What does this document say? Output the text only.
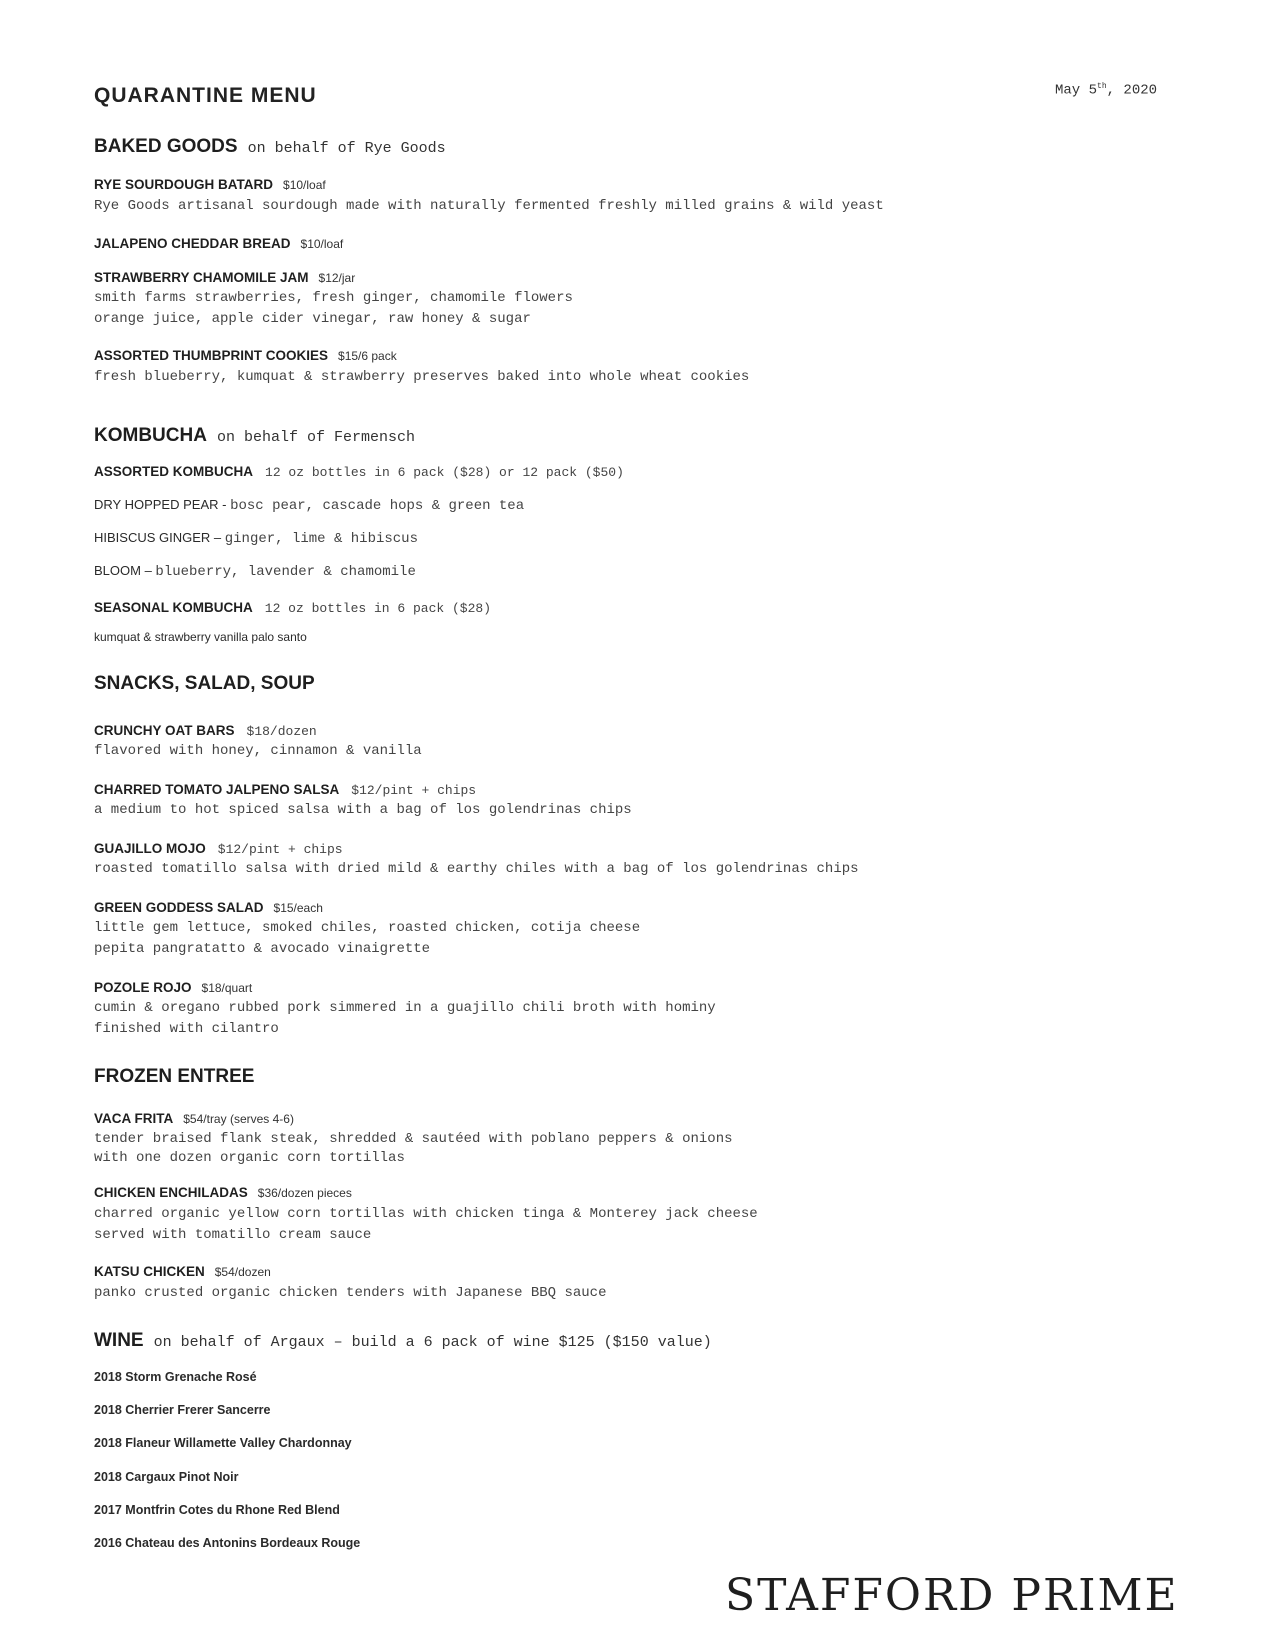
QUARANTINE MENU	May 5th, 2020
BAKED GOODS on behalf of Rye Goods
RYE SOURDOUGH BATARD $10/loaf
Rye Goods artisanal sourdough made with naturally fermented freshly milled grains & wild yeast
JALAPENO CHEDDAR BREAD $10/loaf
STRAWBERRY CHAMOMILE JAM $12/jar
smith farms strawberries, fresh ginger, chamomile flowers
orange juice, apple cider vinegar, raw honey & sugar
ASSORTED THUMBPRINT COOKIES $15/6 pack
fresh blueberry, kumquat & strawberry preserves baked into whole wheat cookies
KOMBUCHA on behalf of Fermensch
ASSORTED KOMBUCHA 12 oz bottles in 6 pack ($28) or 12 pack ($50)
DRY HOPPED PEAR - bosc pear, cascade hops & green tea
HIBISCUS GINGER – ginger, lime & hibiscus
BLOOM – blueberry, lavender & chamomile
SEASONAL KOMBUCHA 12 oz bottles in 6 pack ($28)
kumquat & strawberry vanilla palo santo
SNACKS, SALAD, SOUP
CRUNCHY OAT BARS $18/dozen
flavored with honey, cinnamon & vanilla
CHARRED TOMATO JALPENO SALSA $12/pint + chips
a medium to hot spiced salsa with a bag of los golendrinas chips
GUAJILLO MOJO $12/pint + chips
roasted tomatillo salsa with dried mild & earthy chiles with a bag of los golendrinas chips
GREEN GODDESS SALAD $15/each
little gem lettuce, smoked chiles, roasted chicken, cotija cheese
pepita pangratatto & avocado vinaigrette
POZOLE ROJO $18/quart
cumin & oregano rubbed pork simmered in a guajillo chili broth with hominy
finished with cilantro
FROZEN ENTREE
VACA FRITA $54/tray (serves 4-6)
tender braised flank steak, shredded & sautéed with poblano peppers & onions
with one dozen organic corn tortillas
CHICKEN ENCHILADAS $36/dozen pieces
charred organic yellow corn tortillas with chicken tinga & Monterey jack cheese
served with tomatillo cream sauce
KATSU CHICKEN $54/dozen
panko crusted organic chicken tenders with Japanese BBQ sauce
WINE on behalf of Argaux – build a 6 pack of wine $125 ($150 value)
2018 Storm Grenache Rosé
2018 Cherrier Frerer Sancerre
2018 Flaneur Willamette Valley Chardonnay
2018 Cargaux Pinot Noir
2017 Montfrin Cotes du Rhone Red Blend
2016 Chateau des Antonins Bordeaux Rouge
STAFFORD PRIME
